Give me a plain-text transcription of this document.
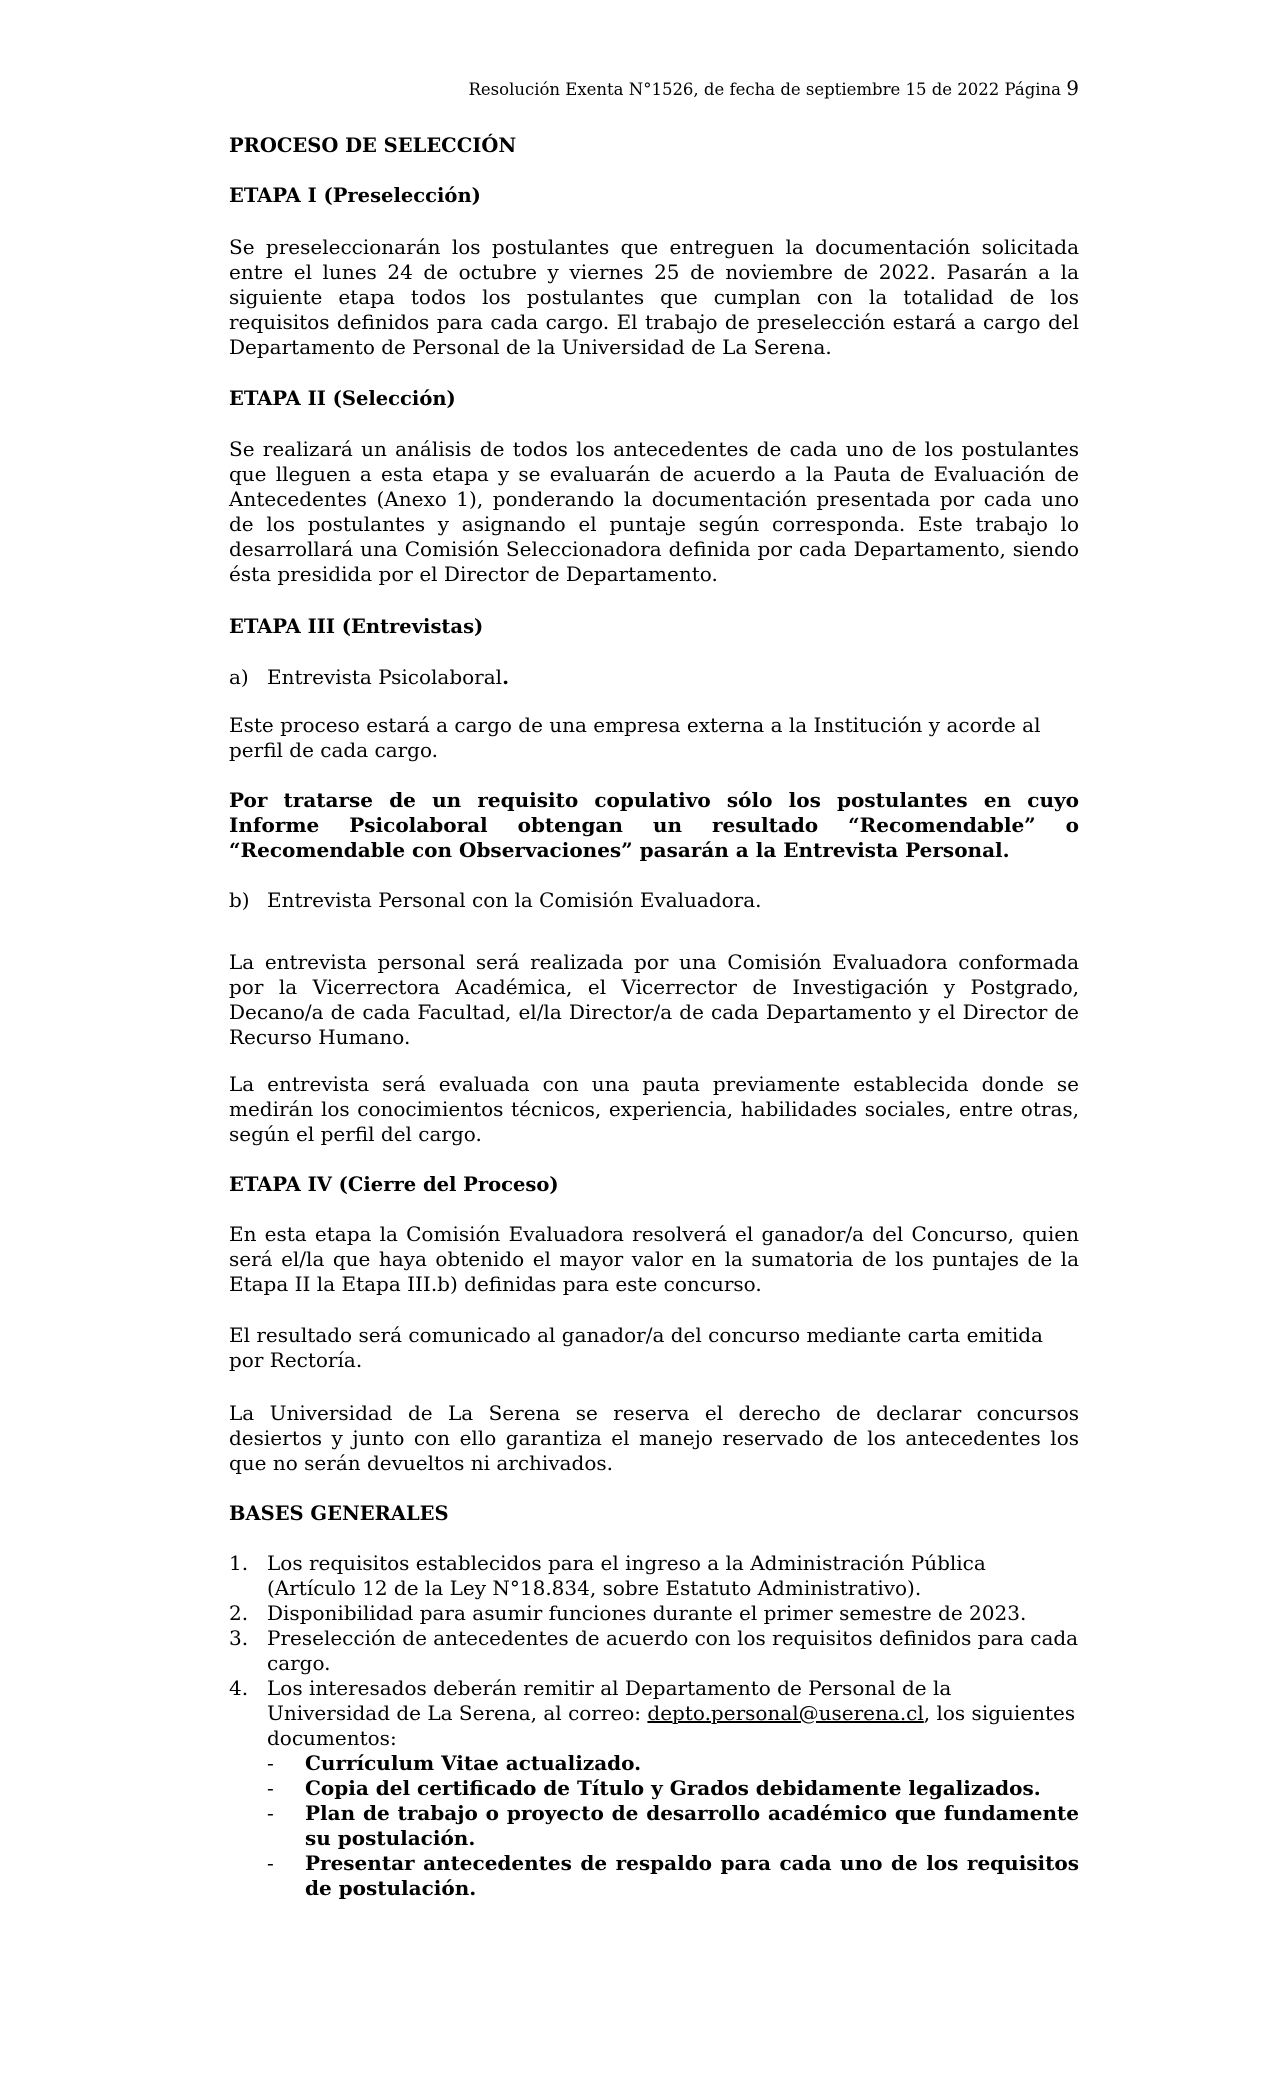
Resolución Exenta N°1526, de fecha de septiembre 15 de 2022 Página 9
PROCESO DE SELECCIÓN
ETAPA I (Preselección)
Se preseleccionarán los postulantes que entreguen la documentación solicitada entre el lunes 24 de octubre y viernes 25 de noviembre de 2022. Pasarán a la siguiente etapa todos los postulantes que cumplan con la totalidad de los requisitos definidos para cada cargo. El trabajo de preselección estará a cargo del Departamento de Personal de la Universidad de La Serena.
ETAPA II (Selección)
Se realizará un análisis de todos los antecedentes de cada uno de los postulantes que lleguen a esta etapa y se evaluarán de acuerdo a la Pauta de Evaluación de Antecedentes (Anexo 1), ponderando la documentación presentada por cada uno de los postulantes y asignando el puntaje según corresponda. Este trabajo lo desarrollará una Comisión Seleccionadora definida por cada Departamento, siendo ésta presidida por el Director de Departamento.
ETAPA III (Entrevistas)
a) Entrevista Psicolaboral.
Este proceso estará a cargo de una empresa externa a la Institución y acorde al perfil de cada cargo.
Por tratarse de un requisito copulativo sólo los postulantes en cuyo Informe Psicolaboral obtengan un resultado “Recomendable” o “Recomendable con Observaciones” pasarán a la Entrevista Personal.
b) Entrevista Personal con la Comisión Evaluadora.
La entrevista personal será realizada por una Comisión Evaluadora conformada por la Vicerrectora Académica, el Vicerrector de Investigación y Postgrado, Decano/a de cada Facultad, el/la Director/a de cada Departamento y el Director de Recurso Humano.
La entrevista será evaluada con una pauta previamente establecida donde se medirán los conocimientos técnicos, experiencia, habilidades sociales, entre otras, según el perfil del cargo.
ETAPA IV (Cierre del Proceso)
En esta etapa la Comisión Evaluadora resolverá el ganador/a del Concurso, quien será el/la que haya obtenido el mayor valor en la sumatoria de los puntajes de la Etapa II la Etapa III.b) definidas para este concurso.
El resultado será comunicado al ganador/a del concurso mediante carta emitida por Rectoría.
La Universidad de La Serena se reserva el derecho de declarar concursos desiertos y junto con ello garantiza el manejo reservado de los antecedentes los que no serán devueltos ni archivados.
BASES GENERALES
1. Los requisitos establecidos para el ingreso a la Administración Pública (Artículo 12 de la Ley N°18.834, sobre Estatuto Administrativo).
2. Disponibilidad para asumir funciones durante el primer semestre de 2023.
3. Preselección de antecedentes de acuerdo con los requisitos definidos para cada cargo.
4. Los interesados deberán remitir al Departamento de Personal de la Universidad de La Serena, al correo: depto.personal@userena.cl, los siguientes documentos:
- Currículum Vitae actualizado.
- Copia del certificado de Título y Grados debidamente legalizados.
- Plan de trabajo o proyecto de desarrollo académico que fundamente su postulación.
- Presentar antecedentes de respaldo para cada uno de los requisitos de postulación.
